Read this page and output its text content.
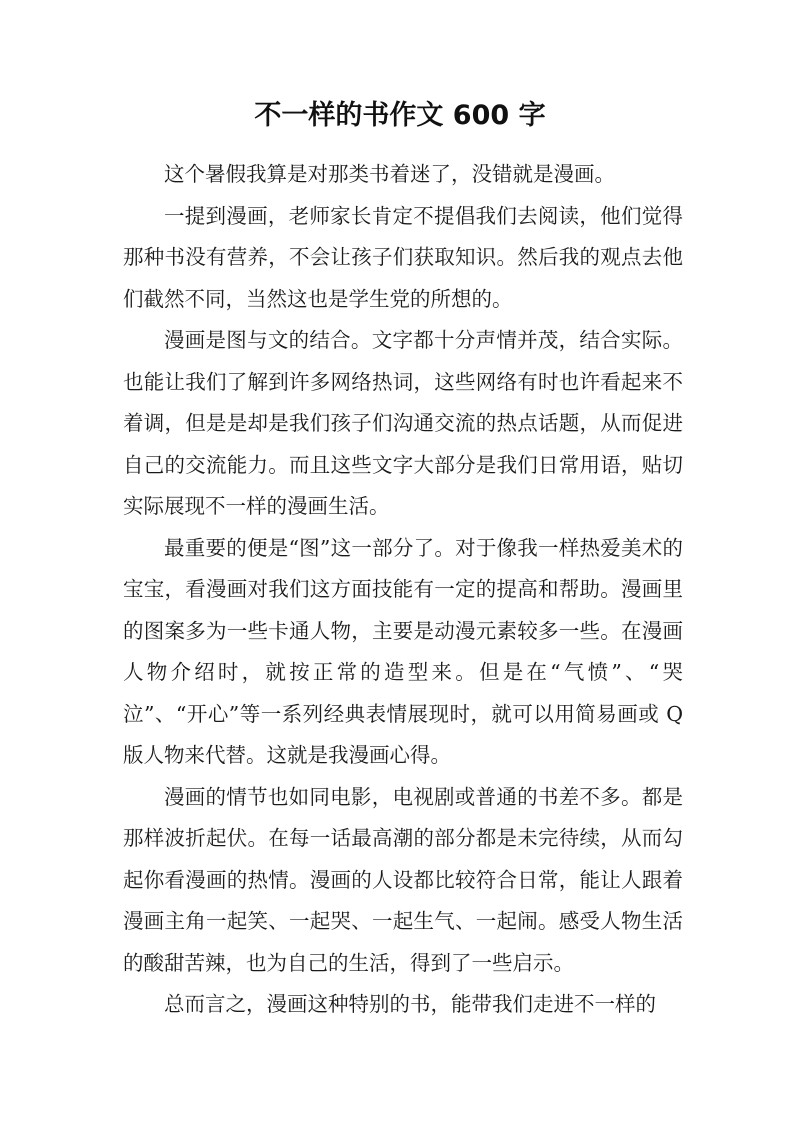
不一样的书作文 600 字

这个暑假我算是对那类书着迷了，没错就是漫画。

一提到漫画，老师家长肯定不提倡我们去阅读，他们觉得那种书没有营养，不会让孩子们获取知识。然后我的观点去他们截然不同，当然这也是学生党的所想的。

漫画是图与文的结合。文字都十分声情并茂，结合实际。也能让我们了解到许多网络热词，这些网络有时也许看起来不着调，但是是却是我们孩子们沟通交流的热点话题，从而促进自己的交流能力。而且这些文字大部分是我们日常用语，贴切实际展现不一样的漫画生活。

最重要的便是“图”这一部分了。对于像我一样热爱美术的宝宝，看漫画对我们这方面技能有一定的提高和帮助。漫画里的图案多为一些卡通人物，主要是动漫元素较多一些。在漫画人物介绍时，就按正常的造型来。但是在“气愤”、“哭泣”、“开心”等一系列经典表情展现时，就可以用简易画或 Q 版人物来代替。这就是我漫画心得。

漫画的情节也如同电影，电视剧或普通的书差不多。都是那样波折起伏。在每一话最高潮的部分都是未完待续，从而勾起你看漫画的热情。漫画的人设都比较符合日常，能让人跟着漫画主角一起笑、一起哭、一起生气、一起闹。感受人物生活的酸甜苦辣，也为自己的生活，得到了一些启示。

总而言之，漫画这种特别的书，能带我们走进不一样的
